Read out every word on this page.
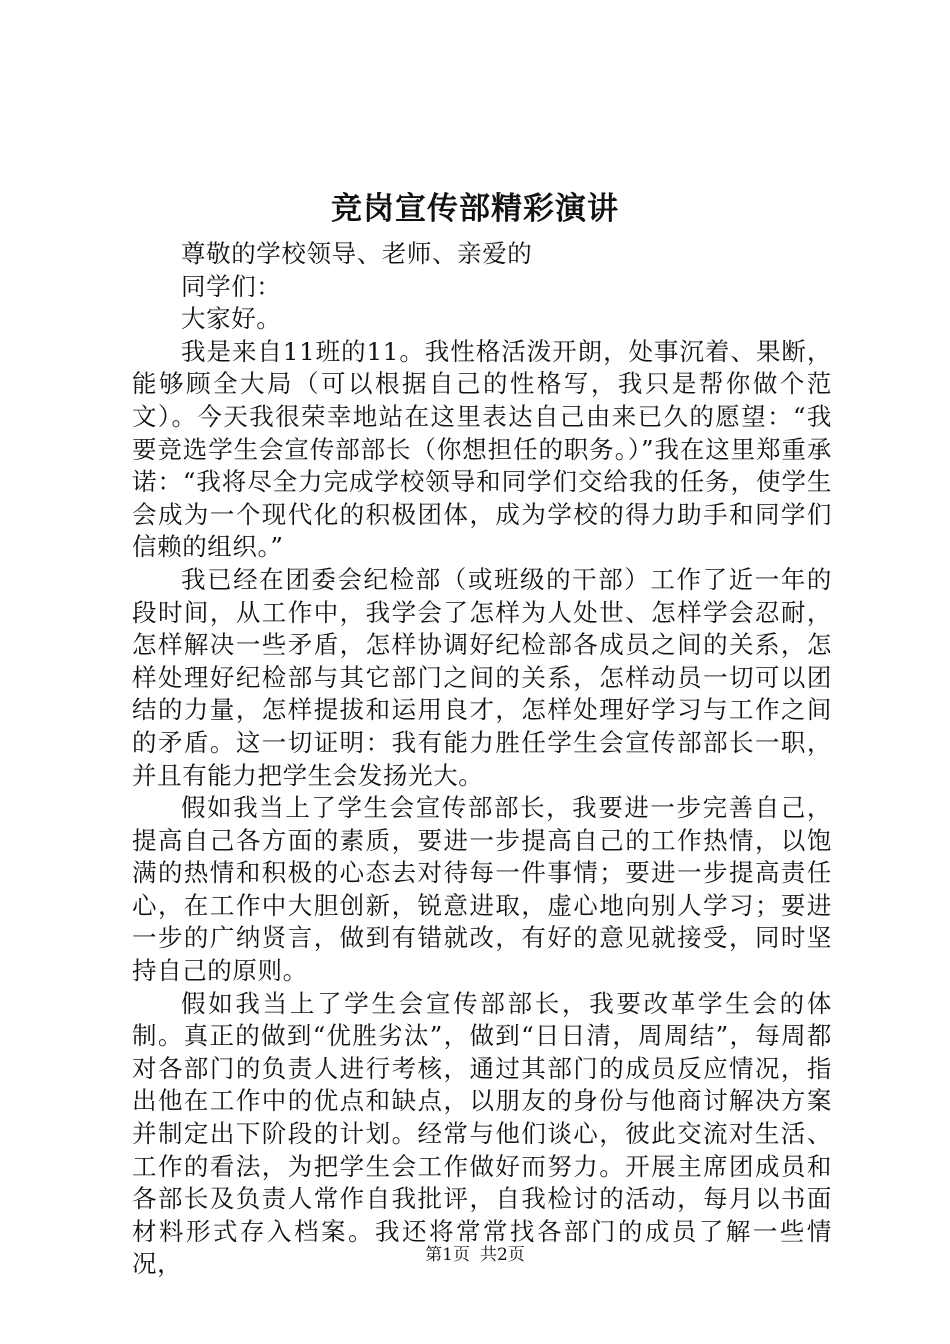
竞岗宣传部精彩演讲

尊敬的学校领导、老师、亲爱的

同学们：

大家好。

我是来自11班的11。我性格活泼开朗，处事沉着、果断，能够顾全大局（可以根据自己的性格写，我只是帮你做个范文）。今天我很荣幸地站在这里表达自己由来已久的愿望：“我要竞选学生会宣传部部长（你想担任的职务。）”我在这里郑重承诺：“我将尽全力完成学校领导和同学们交给我的任务，使学生会成为一个现代化的积极团体，成为学校的得力助手和同学们信赖的组织。”

我已经在团委会纪检部（或班级的干部）工作了近一年的段时间，从工作中，我学会了怎样为人处世、怎样学会忍耐，怎样解决一些矛盾，怎样协调好纪检部各成员之间的关系，怎样处理好纪检部与其它部门之间的关系，怎样动员一切可以团结的力量，怎样提拔和运用良才，怎样处理好学习与工作之间的矛盾。这一切证明：我有能力胜任学生会宣传部部长一职，并且有能力把学生会发扬光大。

假如我当上了学生会宣传部部长，我要进一步完善自己，提高自己各方面的素质，要进一步提高自己的工作热情，以饱满的热情和积极的心态去对待每一件事情；要进一步提高责任心，在工作中大胆创新，锐意进取，虚心地向别人学习；要进一步的广纳贤言，做到有错就改，有好的意见就接受，同时坚持自己的原则。

假如我当上了学生会宣传部部长，我要改革学生会的体制。真正的做到“优胜劣汰”，做到“日日清，周周结”，每周都对各部门的负责人进行考核，通过其部门的成员反应情况，指出他在工作中的优点和缺点，以朋友的身份与他商讨解决方案并制定出下阶段的计划。经常与他们谈心，彼此交流对生活、工作的看法，为把学生会工作做好而努力。开展主席团成员和各部长及负责人常作自我批评，自我检讨的活动，每月以书面材料形式存入档案。我还将常常找各部门的成员了解一些情况，	第1页 共2页
